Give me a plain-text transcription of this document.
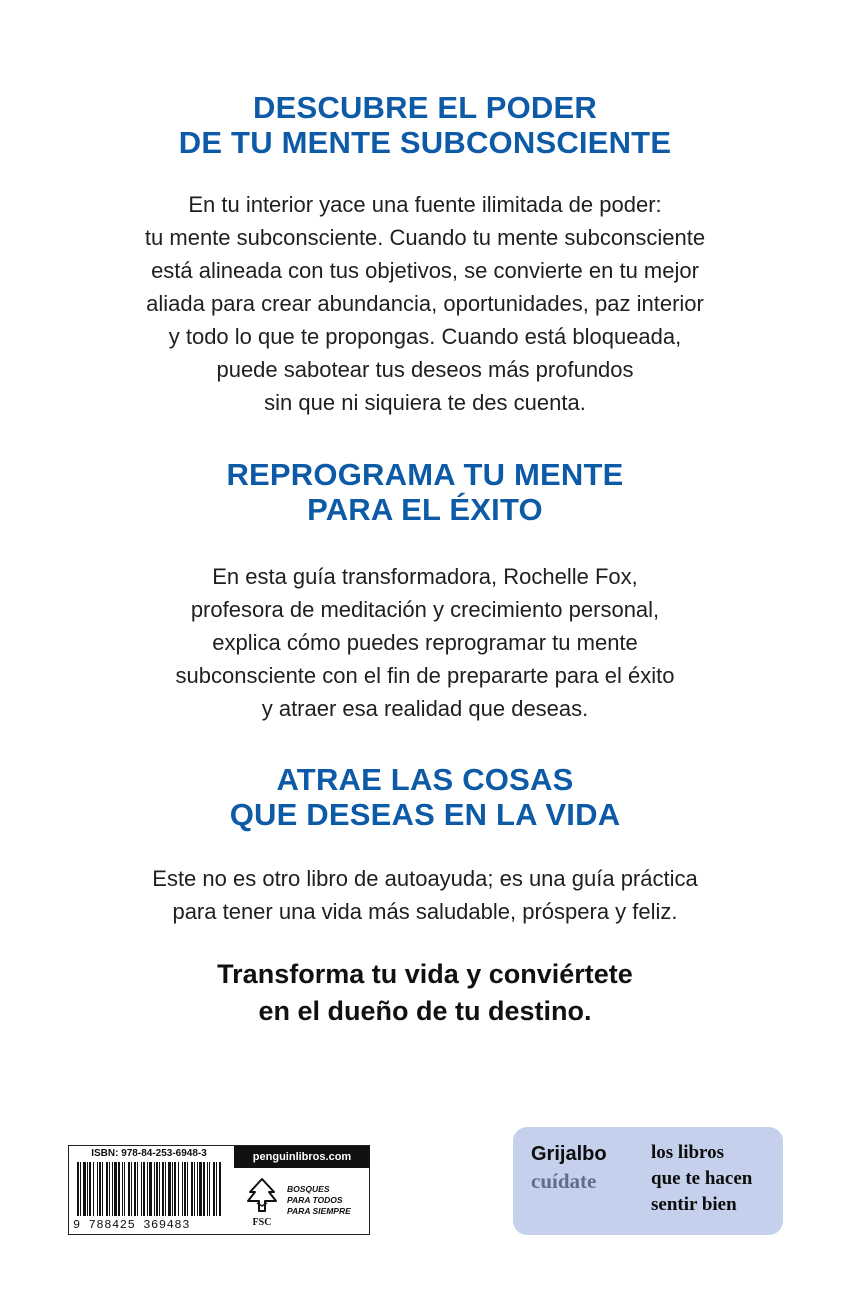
DESCUBRE EL PODER
DE TU MENTE SUBCONSCIENTE
En tu interior yace una fuente ilimitada de poder:
tu mente subconsciente. Cuando tu mente subconsciente
está alineada con tus objetivos, se convierte en tu mejor
aliada para crear abundancia, oportunidades, paz interior
y todo lo que te propongas. Cuando está bloqueada,
puede sabotear tus deseos más profundos
sin que ni siquiera te des cuenta.
REPROGRAMA TU MENTE
PARA EL ÉXITO
En esta guía transformadora, Rochelle Fox,
profesora de meditación y crecimiento personal,
explica cómo puedes reprogramar tu mente
subconsciente con el fin de prepararte para el éxito
y atraer esa realidad que deseas.
ATRAE LAS COSAS
QUE DESEAS EN LA VIDA
Este no es otro libro de autoayuda; es una guía práctica
para tener una vida más saludable, próspera y feliz.
Transforma tu vida y conviértete
en el dueño de tu destino.
ISBN: 978-84-253-6948-3
9 788425 369483
penguinlibros.com
FSC
BOSQUES
PARA TODOS
PARA SIEMPRE
Grijalbo
cuídate
los libros
que te hacen
sentir bien
